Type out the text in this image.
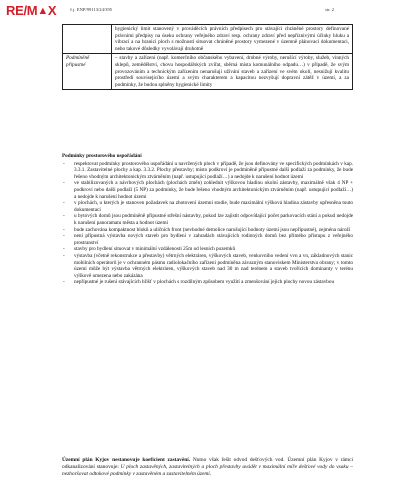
RE/M▲X	č.j. ENP/99113/24/395	str. 2
	hygienický limit stanovený v prováděcích právních předpisech pro stávající chráněné prostory definované právními předpisy na úseku ochrany veřejného zdraví resp. ochrany zdraví před nepříznivými účinky hluku a vibrací a na hranici ploch s možností situovat chráněné prostory vymezené v územně plánovací dokumentaci, nebo takové důsledky vyvolávají druhotně
Podmíněně přípustné	– stavby a zařízení (např. komerčního občanského vybavení, drobné výroby, nerušící výroby, služeb, vinných sklepů, zemědělství, chovu hospodářských zvířat, sběrná místa komunálního odpadu…) v případě, že svým provozováním a technickým zařízením nenarušují užívání staveb a zařízení ve svém okolí, nesnižují kvalitu prostředí souvisejícího území a svým charakterem a kapacitou nezvyšují dopravní zátěž v území, a za podmínky, že budou splněny hygienické limity
Podmínky prostorového uspořádání
- respektovat podmínky prostorového uspořádání u navržených ploch v případě, že jsou definovány ve specifických podmínkách v kap. 3.3.1. Zastavitelné plochy a kap. 3.3.2. Plochy přestavby; místo podkroví je podmíněně přípustné další podlaží za podmínky, že bude řešeno vhodným architektonickým ztvárněním (např. ustupující podlaží…) a nedojde k narušení hodnot území
- ve stabilizovaných a návrhových plochách (plochách změn) zohlednit výškovou hladinu okolní zástavby, maximálně však 4 NP + podkroví nebo další podlaží (5 NP) za podmínky, že bude řešeno vhodným architektonickým ztvárněním (např. ustupující podlaží…) a nedojde k narušení hodnot území
- v plochách, u kterých je stanoven požadavek na zhotovení územní studie, bude maximální výšková hladina zástavby upřesněna touto dokumentací
- u bytových domů jsou podmíněně přípustné střešní nástavby, pokud lze zajistit odpovídající počet parkovacích stání a pokud nedojde k narušení panoramatu města a hodnot území
- bude zachována kompaktnost bloků a uličních front (nevhodné demolice narušující hodnoty území jsou nepřípustné), zejména nároží
- není přípustná výstavba nových staveb pro bydlení v zahradách stávajících rodinných domů bez přímého přístupu z veřejného prostranství
- stavby pro bydlení situovat v minimální vzdálenosti 25m od lesních pozemků
- výstavba (včetně rekonstrukce a přestavby) větrných elektráren, výškových staveb, venkovního vedení vvn a vn, základnových stanic mobilních operátorů je v ochranném pásmu radiolokačního zařízení podmíněna závazným stanoviskem Ministerstva obrany; v tomto území může být výstavba větrných elektráren, výškových staveb nad 30 m nad terénem a staveb tvořících dominanty v terénu výškově omezena nebo zakázána
- nepřípustné je rušení stávajících hřišť v plochách s rozdílným způsobem využití a zmenšování jejich plochy novou zástavbou
Územní plán Kyjov nestanovuje koeficient zastavění. Nutno však řešit odvod dešťových vod. Územní plán Kyjov v rámci odkanalizování stanovuje: U ploch zastavěných, zastavitelných a ploch přestavby uvádět v maximální míře dešťové vody do vsaku – nezhoršovat odtokové podmínky v zastavěném a zastavitelném území.
